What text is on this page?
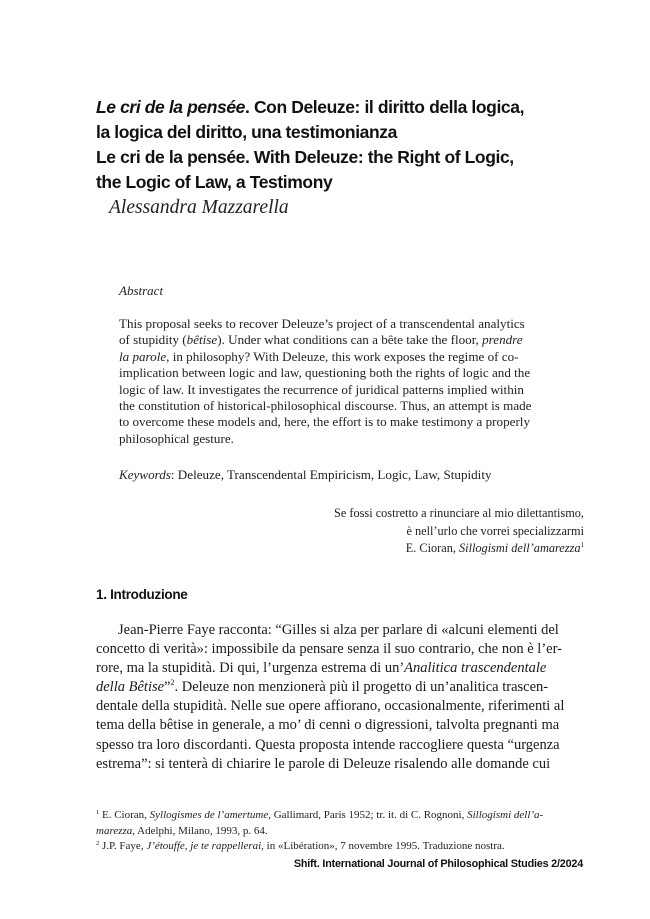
Le cri de la pensée. Con Deleuze: il diritto della logica,
la logica del diritto, una testimonianza
Le cri de la pensée. With Deleuze: the Right of Logic,
the Logic of Law, a Testimony
Alessandra Mazzarella

Abstract

This proposal seeks to recover Deleuze’s project of a transcendental analytics
of stupidity (bêtise). Under what conditions can a bête take the floor, prendre
la parole, in philosophy? With Deleuze, this work exposes the regime of co-
implication between logic and law, questioning both the rights of logic and the
logic of law. It investigates the recurrence of juridical patterns implied within
the constitution of historical-philosophical discourse. Thus, an attempt is made
to overcome these models and, here, the effort is to make testimony a properly
philosophical gesture.

Keywords: Deleuze, Transcendental Empiricism, Logic, Law, Stupidity
Se fossi costretto a rinunciare al mio dilettantismo,
è nell’urlo che vorrei specializzarmi
E. Cioran, Sillogismi dell’amarezza$^1$
1. Introduzione

Jean-Pierre Faye racconta: “Gilles si alza per parlare di «alcuni elementi del
concetto di verità»: impossibile da pensare senza il suo contrario, che non è l’er-
rore, ma la stupidità. Di qui, l’urgenza estrema di un’Analitica trascendentale
della Bêtise”$^2$. Deleuze non menzionerà più il progetto di un’analitica trascen-
dentale della stupidità. Nelle sue opere affiorano, occasionalmente, riferimenti al
tema della bêtise in generale, a mo’ di cenni o digressioni, talvolta pregnanti ma
spesso tra loro discordanti. Questa proposta intende raccogliere questa “urgenza
estrema”: si tenterà di chiarire le parole di Deleuze risalendo alle domande cui

$^1$ E. Cioran, Syllogismes de l’amertume, Gallimard, Paris 1952; tr. it. di C. Rognoni, Sillogismi dell’a-
marezza, Adelphi, Milano, 1993, p. 64.
$^2$ J.P. Faye, J’étouffe, je te rappellerai, in «Libération», 7 novembre 1995. Traduzione nostra.
Shift. International Journal of Philosophical Studies 2/2024
